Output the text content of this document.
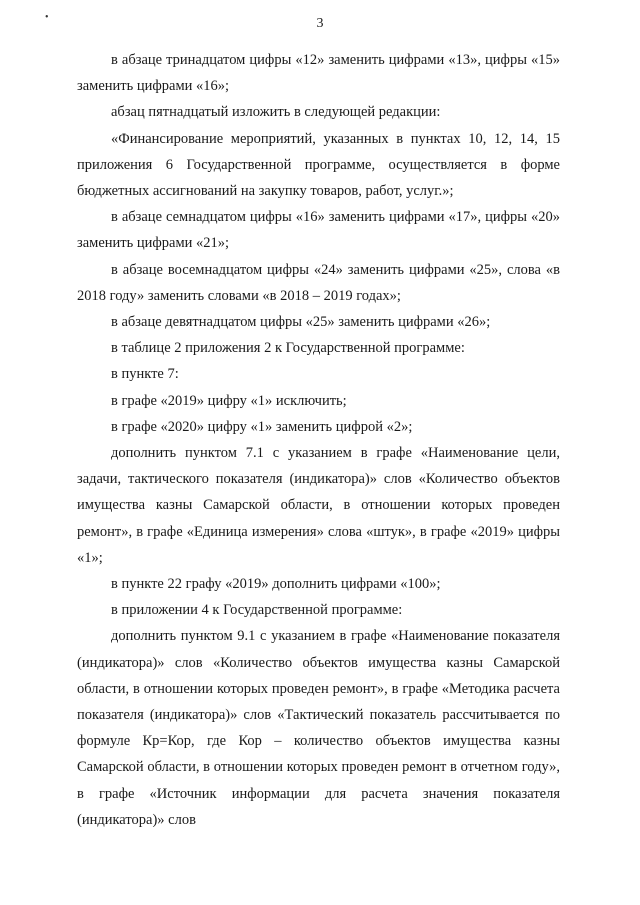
•	3

в абзаце тринадцатом цифры «12» заменить цифрами «13», цифры «15» заменить цифрами «16»;

абзац пятнадцатый изложить в следующей редакции:

«Финансирование мероприятий, указанных в пунктах 10, 12, 14, 15 приложения 6 Государственной программе, осуществляется в форме бюджетных ассигнований на закупку товаров, работ, услуг.»;

в абзаце семнадцатом цифры «16» заменить цифрами «17», цифры «20» заменить цифрами «21»;

в абзаце восемнадцатом цифры «24» заменить цифрами «25», слова «в 2018 году» заменить словами «в 2018 – 2019 годах»;

в абзаце девятнадцатом цифры «25» заменить цифрами «26»;

в таблице 2 приложения 2 к Государственной программе:

в пункте 7:

в графе «2019» цифру «1» исключить;

в графе «2020» цифру «1» заменить цифрой «2»;

дополнить пунктом 7.1 с указанием в графе «Наименование цели, задачи, тактического показателя (индикатора)» слов «Количество объектов имущества казны Самарской области, в отношении которых проведен ремонт», в графе «Единица измерения» слова «штук», в графе «2019» цифры «1»;

в пункте 22 графу «2019» дополнить цифрами «100»;

в приложении 4 к Государственной программе:

дополнить пунктом 9.1 с указанием в графе «Наименование показателя (индикатора)» слов «Количество объектов имущества казны Самарской области, в отношении которых проведен ремонт», в графе «Методика расчета показателя (индикатора)» слов «Тактический показатель рассчитывается по формуле Кр=Кор, где Кор – количество объектов имущества казны Самарской области, в отношении которых проведен ремонт в отчетном году», в графе «Источник информации для расчета значения показателя (индикатора)» слов
